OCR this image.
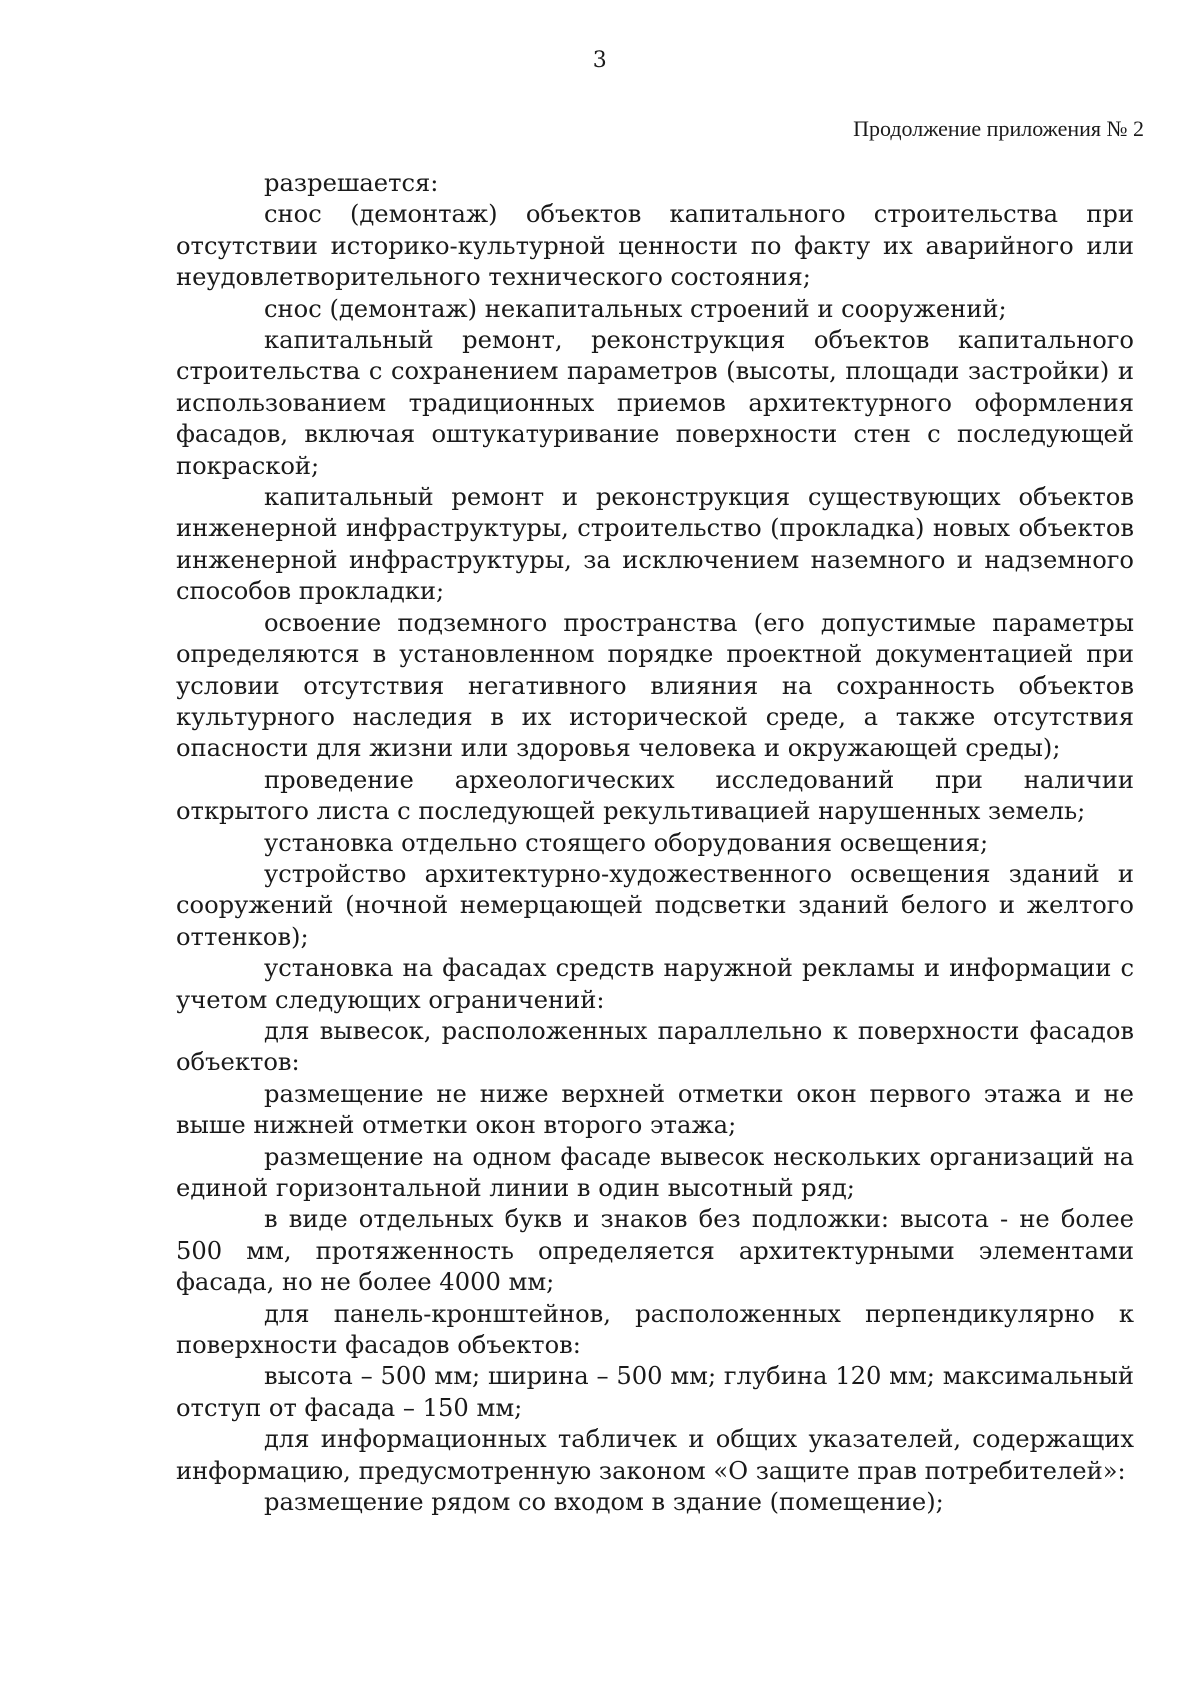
3
Продолжение приложения № 2

разрешается:

снос (демонтаж) объектов капитального строительства при отсутствии историко-культурной ценности по факту их аварийного или неудовлетворительного технического состояния;

снос (демонтаж) некапитальных строений и сооружений;

капитальный ремонт, реконструкция объектов капитального строительства с сохранением параметров (высоты, площади застройки) и использованием традиционных приемов архитектурного оформления фасадов, включая оштукатуривание поверхности стен с последующей покраской;

капитальный ремонт и реконструкция существующих объектов инженерной инфраструктуры, строительство (прокладка) новых объектов инженерной инфраструктуры, за исключением наземного и надземного способов прокладки;

освоение подземного пространства (его допустимые параметры определяются в установленном порядке проектной документацией при условии отсутствия негативного влияния на сохранность объектов культурного наследия в их исторической среде, а также отсутствия опасности для жизни или здоровья человека и окружающей среды);

проведение археологических исследований при наличии открытого листа с последующей рекультивацией нарушенных земель;

установка отдельно стоящего оборудования освещения;

устройство архитектурно-художественного освещения зданий и сооружений (ночной немерцающей подсветки зданий белого и желтого оттенков);

установка на фасадах средств наружной рекламы и информации с учетом следующих ограничений:

для вывесок, расположенных параллельно к поверхности фасадов объектов:

размещение не ниже верхней отметки окон первого этажа и не выше нижней отметки окон второго этажа;

размещение на одном фасаде вывесок нескольких организаций на единой горизонтальной линии в один высотный ряд;

в виде отдельных букв и знаков без подложки: высота - не более 500 мм, протяженность определяется архитектурными элементами фасада, но не более 4000 мм;

для панель-кронштейнов, расположенных перпендикулярно к поверхности фасадов объектов:

высота – 500 мм; ширина – 500 мм; глубина 120 мм; максимальный отступ от фасада – 150 мм;

для информационных табличек и общих указателей, содержащих информацию, предусмотренную законом «О защите прав потребителей»:

размещение рядом со входом в здание (помещение);
